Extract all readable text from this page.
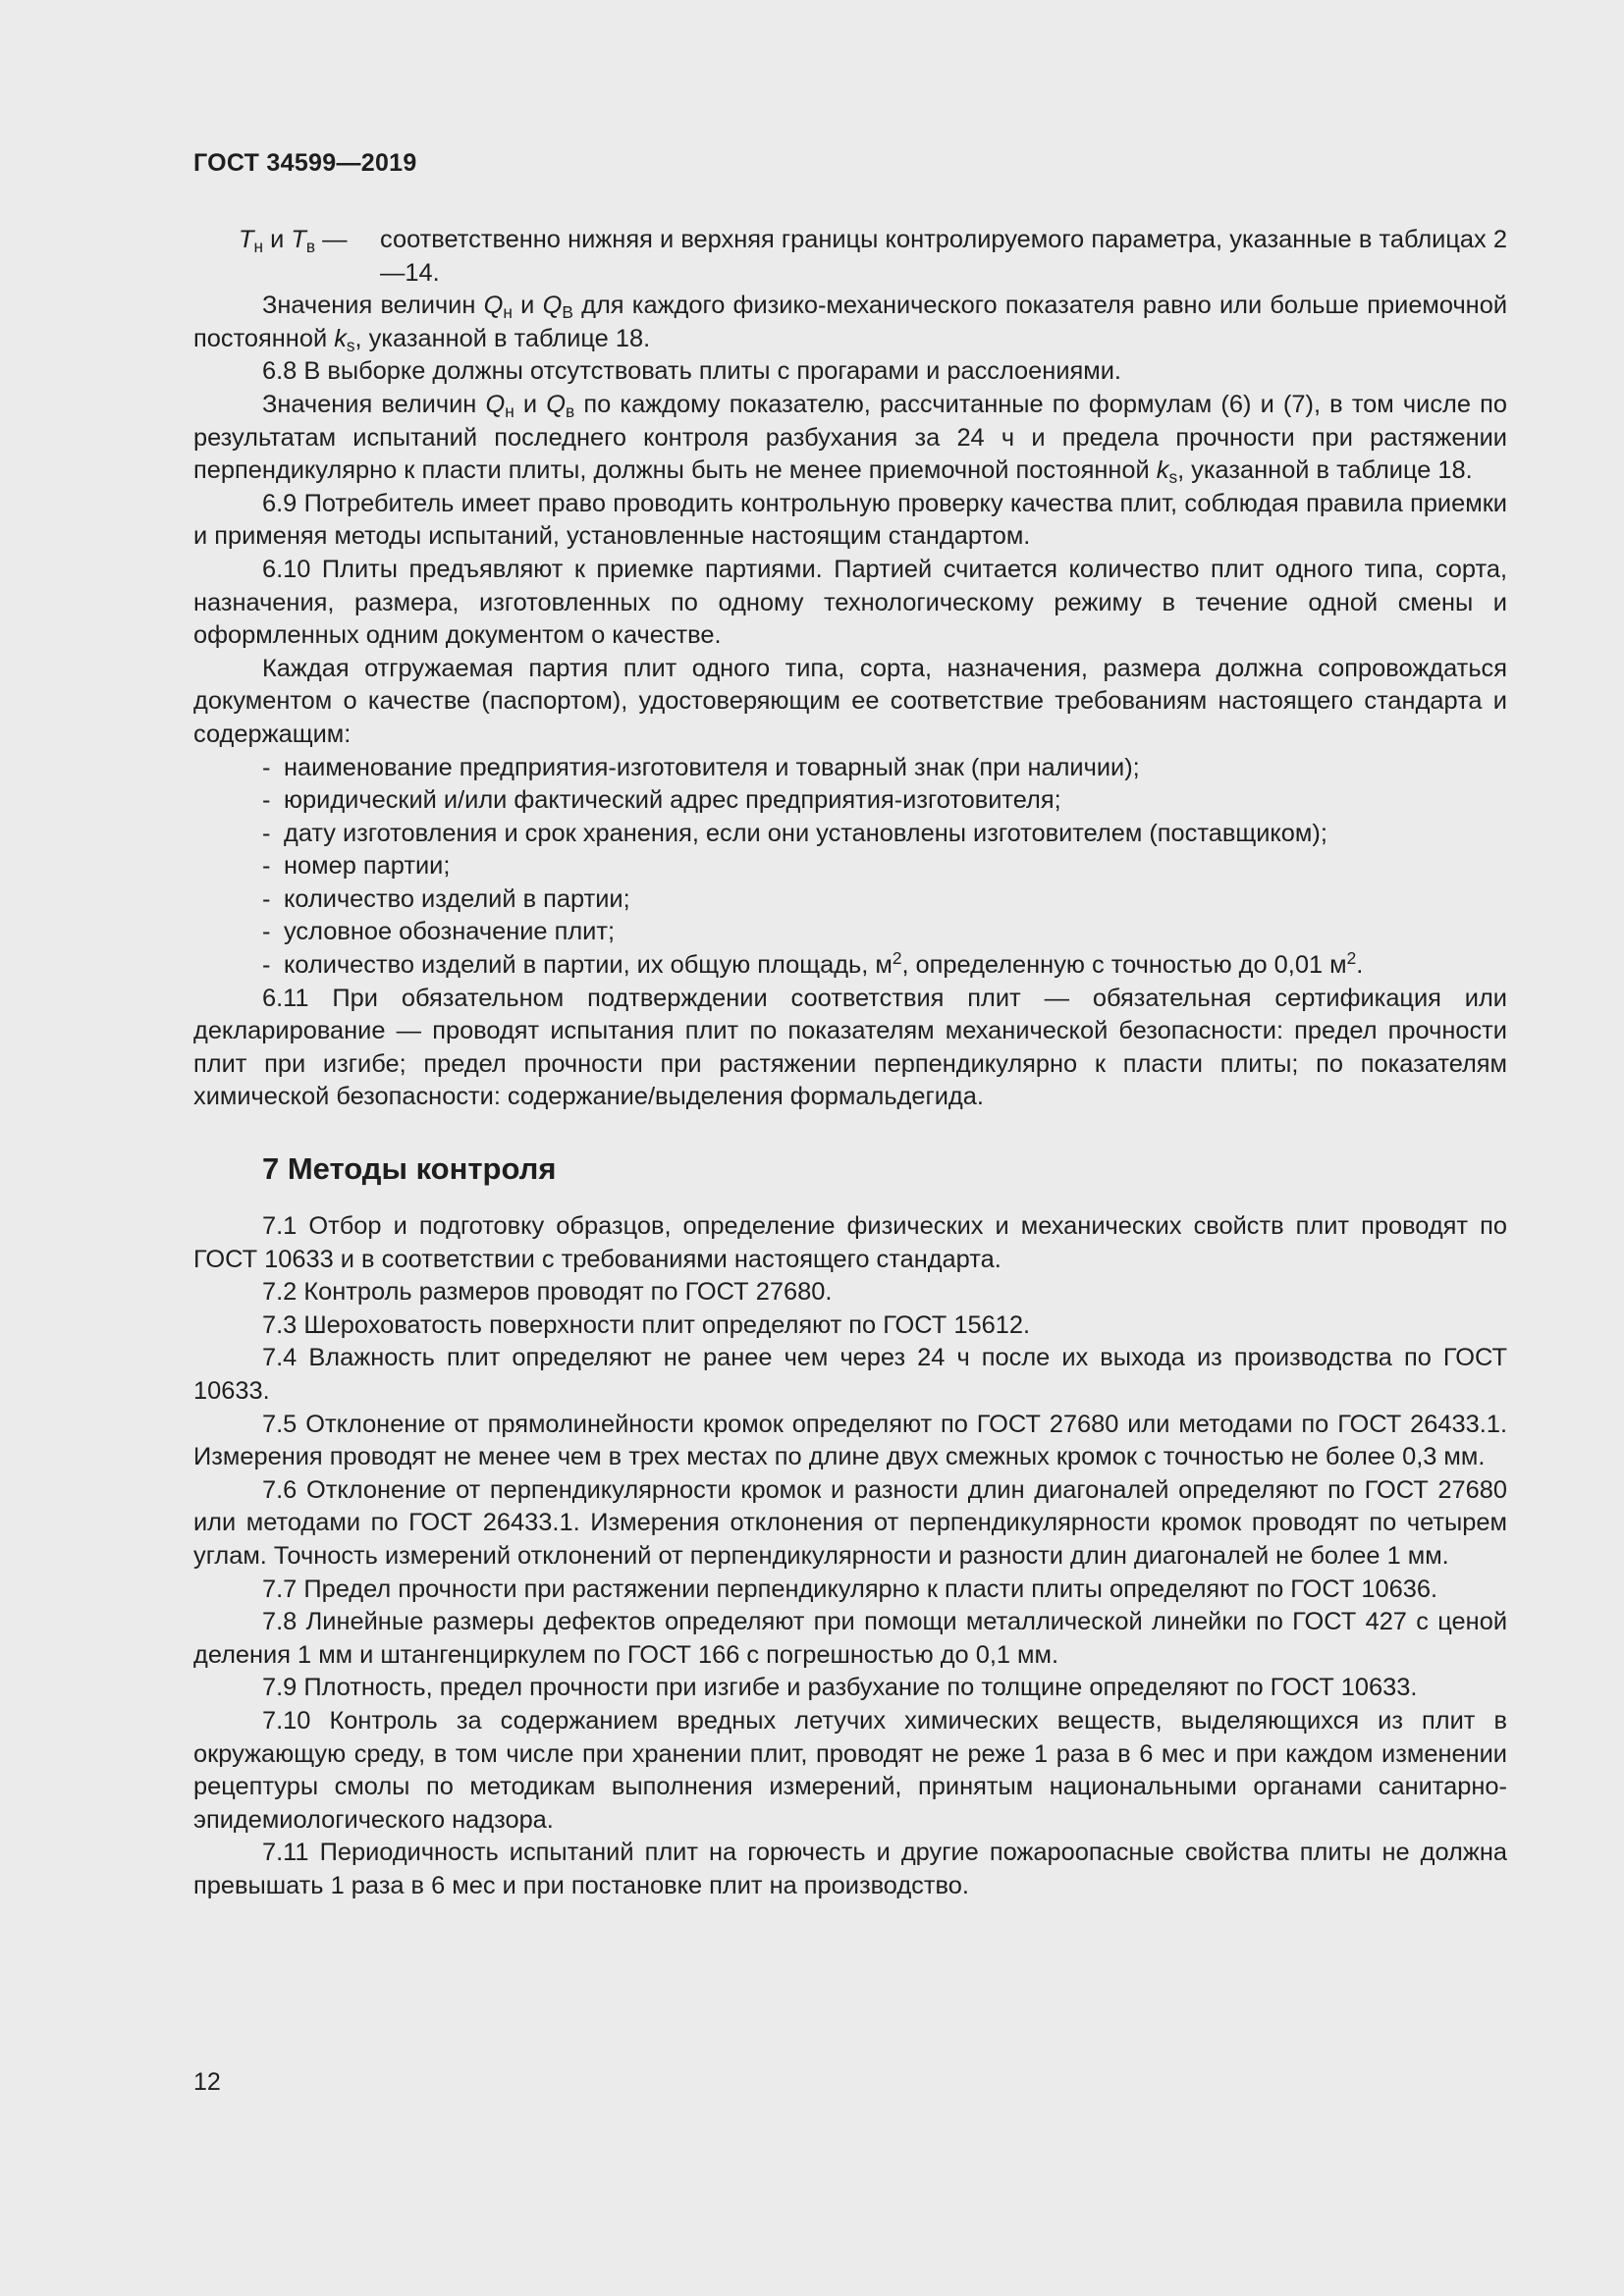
ГОСТ 34599—2019
$T_н$ и $T_в$ —	соответственно нижняя и верхняя границы контролируемого параметра, указанные в таблицах 2—14.

Значения величин $Q_н$ и $Q_В$ для каждого физико-механического показателя равно или больше приемочной постоянной $k_s$, указанной в таблице 18.

6.8 В выборке должны отсутствовать плиты с прогарами и расслоениями.

Значения величин $Q_н$ и $Q_в$ по каждому показателю, рассчитанные по формулам (6) и (7), в том числе по результатам испытаний последнего контроля разбухания за 24 ч и предела прочности при растяжении перпендикулярно к пласти плиты, должны быть не менее приемочной постоянной $k_s$, указанной в таблице 18.

6.9 Потребитель имеет право проводить контрольную проверку качества плит, соблюдая правила приемки и применяя методы испытаний, установленные настоящим стандартом.

6.10 Плиты предъявляют к приемке партиями. Партией считается количество плит одного типа, сорта, назначения, размера, изготовленных по одному технологическому режиму в течение одной смены и оформленных одним документом о качестве.

Каждая отгружаемая партия плит одного типа, сорта, назначения, размера должна сопровождаться документом о качестве (паспортом), удостоверяющим ее соответствие требованиям настоящего стандарта и содержащим:

- наименование предприятия-изготовителя и товарный знак (при наличии);
- юридический и/или фактический адрес предприятия-изготовителя;
- дату изготовления и срок хранения, если они установлены изготовителем (поставщиком);
- номер партии;
- количество изделий в партии;
- условное обозначение плит;
- количество изделий в партии, их общую площадь, $м^2$, определенную с точностью до 0,01 $м^2$.

6.11 При обязательном подтверждении соответствия плит — обязательная сертификация или декларирование — проводят испытания плит по показателям механической безопасности: предел прочности плит при изгибе; предел прочности при растяжении перпендикулярно к пласти плиты; по показателям химической безопасности: содержание/выделения формальдегида.

7 Методы контроля

7.1 Отбор и подготовку образцов, определение физических и механических свойств плит проводят по ГОСТ 10633 и в соответствии с требованиями настоящего стандарта.

7.2 Контроль размеров проводят по ГОСТ 27680.

7.3 Шероховатость поверхности плит определяют по ГОСТ 15612.

7.4 Влажность плит определяют не ранее чем через 24 ч после их выхода из производства по ГОСТ 10633.

7.5 Отклонение от прямолинейности кромок определяют по ГОСТ 27680 или методами по ГОСТ 26433.1. Измерения проводят не менее чем в трех местах по длине двух смежных кромок с точностью не более 0,3 мм.

7.6 Отклонение от перпендикулярности кромок и разности длин диагоналей определяют по ГОСТ 27680 или методами по ГОСТ 26433.1. Измерения отклонения от перпендикулярности кромок проводят по четырем углам. Точность измерений отклонений от перпендикулярности и разности длин диагоналей не более 1 мм.

7.7 Предел прочности при растяжении перпендикулярно к пласти плиты определяют по ГОСТ 10636.

7.8 Линейные размеры дефектов определяют при помощи металлической линейки по ГОСТ 427 с ценой деления 1 мм и штангенциркулем по ГОСТ 166 с погрешностью до 0,1 мм.

7.9 Плотность, предел прочности при изгибе и разбухание по толщине определяют по ГОСТ 10633.

7.10 Контроль за содержанием вредных летучих химических веществ, выделяющихся из плит в окружающую среду, в том числе при хранении плит, проводят не реже 1 раза в 6 мес и при каждом изменении рецептуры смолы по методикам выполнения измерений, принятым национальными органами санитарно-эпидемиологического надзора.

7.11 Периодичность испытаний плит на горючесть и другие пожароопасные свойства плиты не должна превышать 1 раза в 6 мес и при постановке плит на производство.

12
